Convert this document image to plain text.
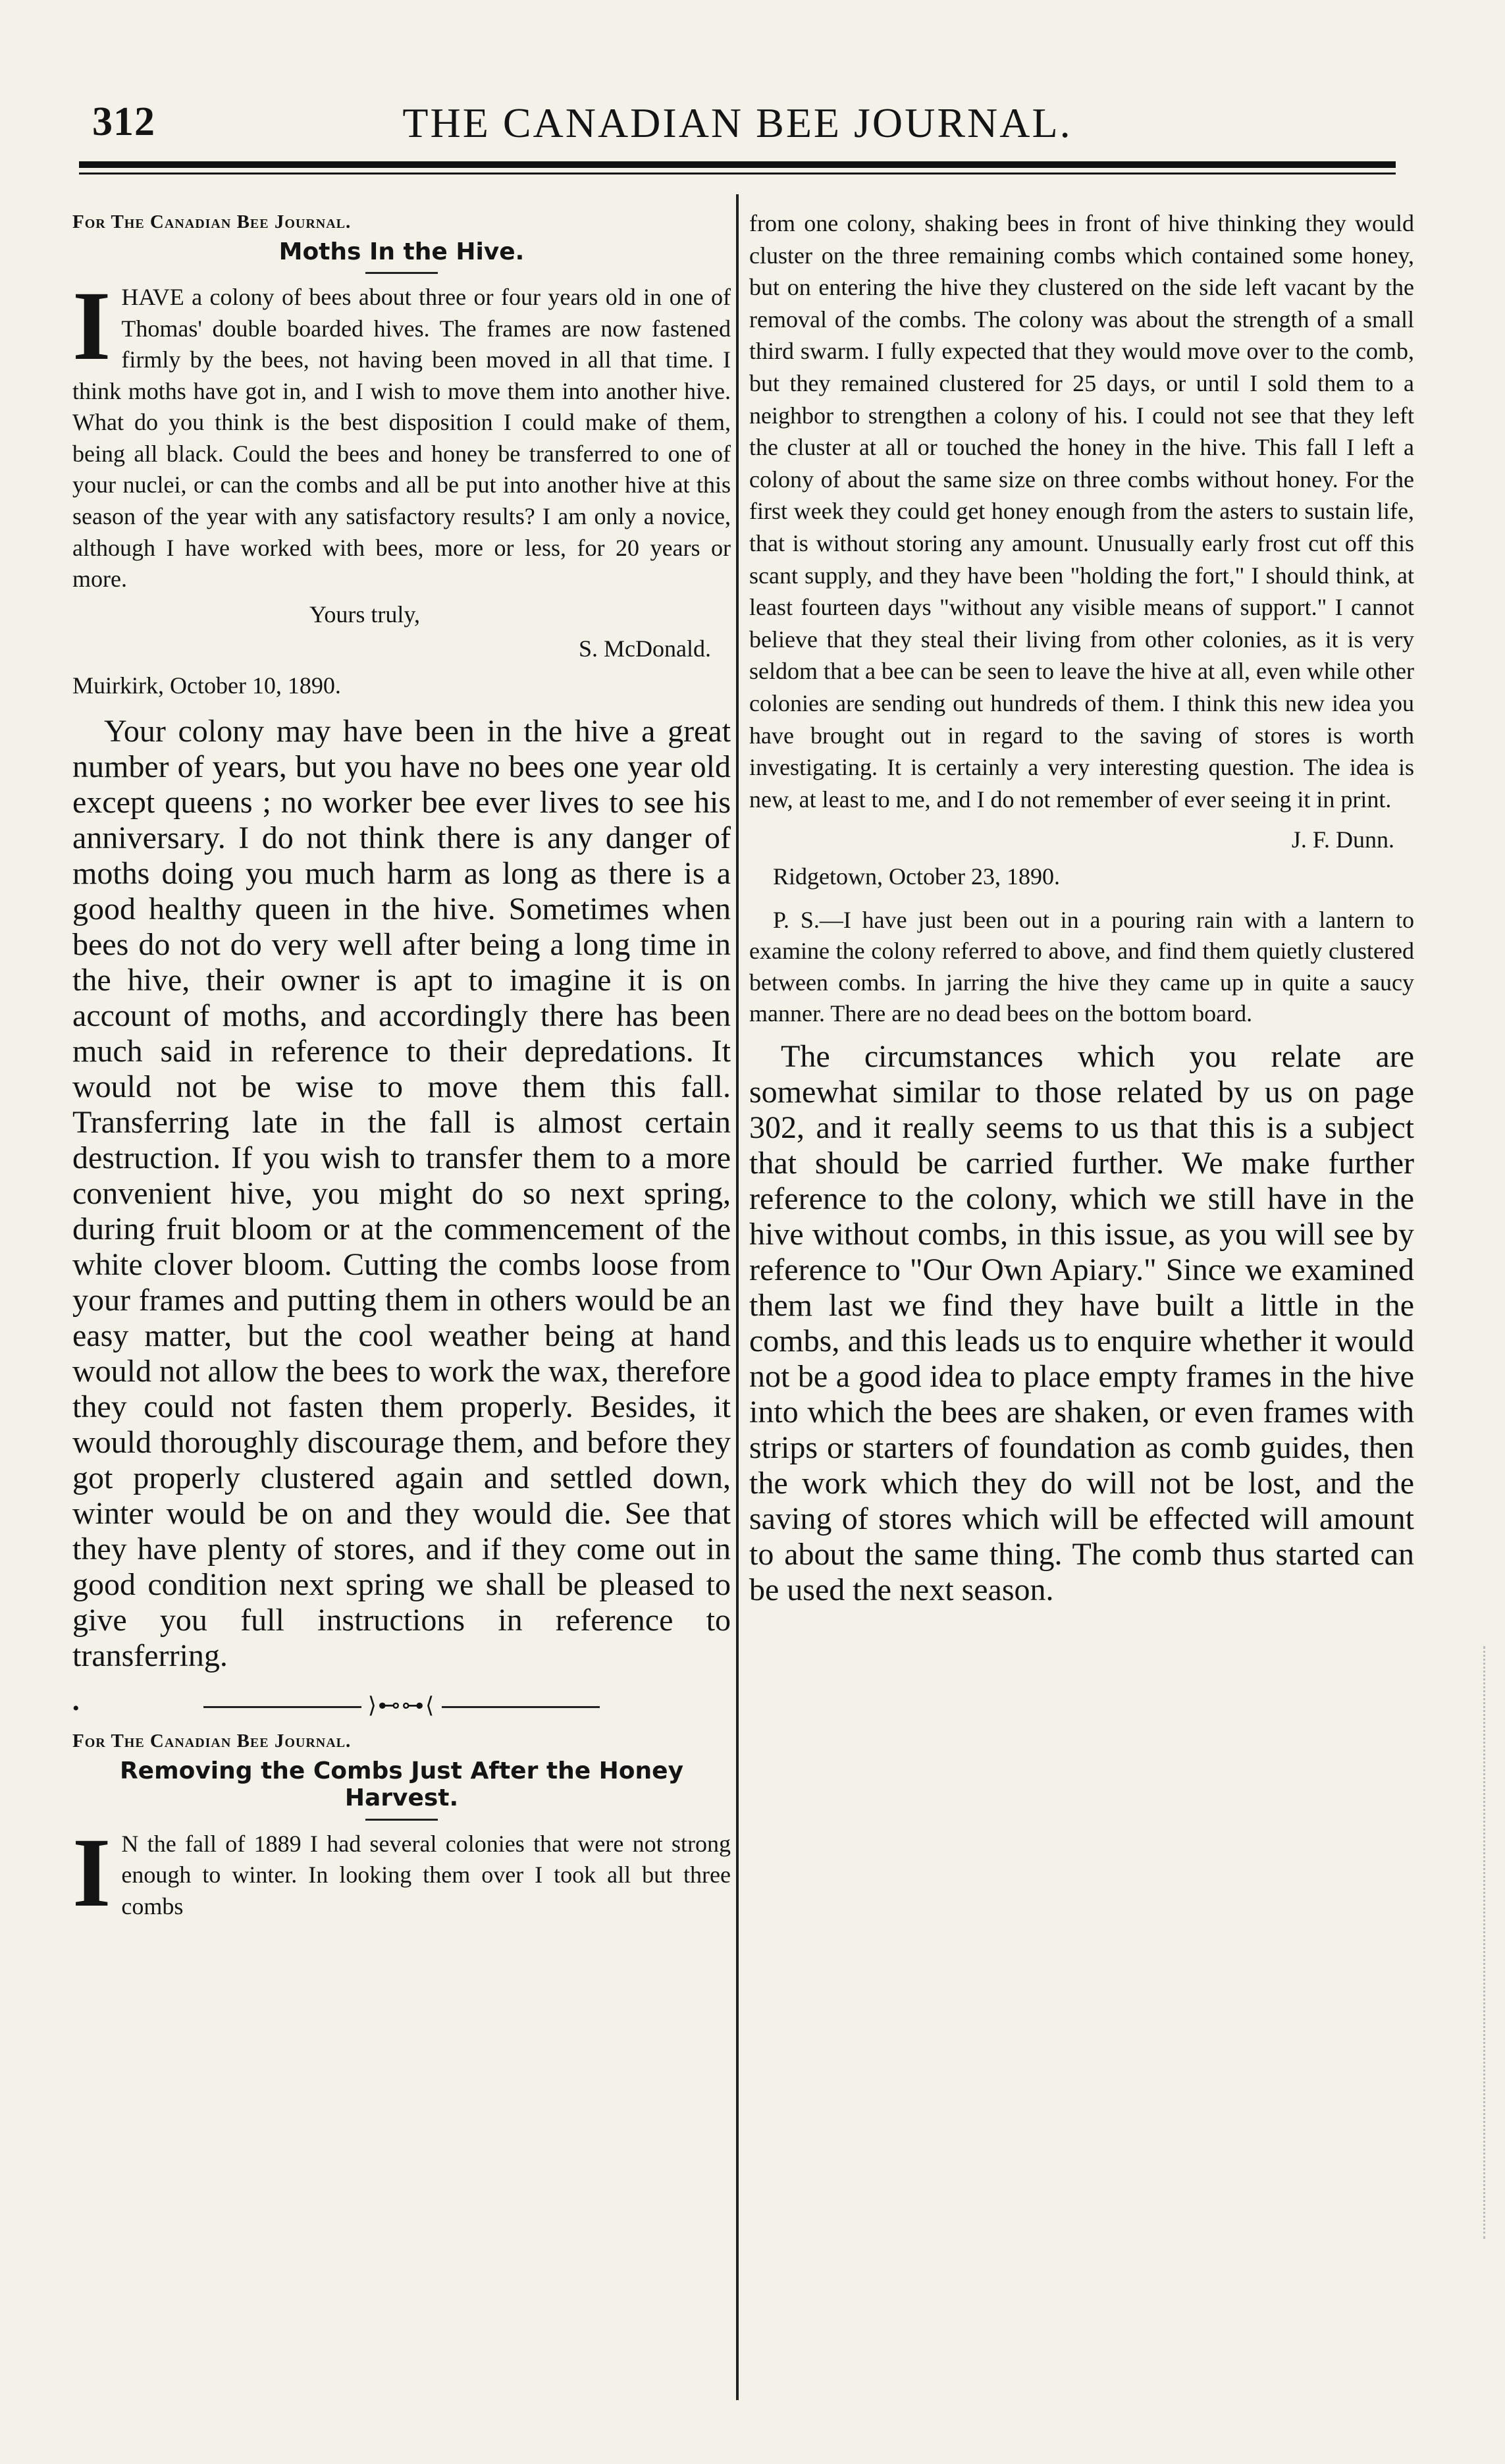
312	THE CANADIAN BEE JOURNAL.
For The Canadian Bee Journal.
Moths In the Hive.

IHAVE a colony of bees about three or four years old in one of Thomas' double boarded hives. The frames are now fastened firmly by the bees, not having been moved in all that time. I think moths have got in, and I wish to move them into another hive. What do you think is the best disposition I could make of them, being all black. Could the bees and honey be transferred to one of your nuclei, or can the combs and all be put into another hive at this season of the year with any satisfactory results? I am only a novice, although I have worked with bees, more or less, for 20 years or more.

Yours truly,
S. McDonald.
Muirkirk, October 10, 1890.

Your colony may have been in the hive a great number of years, but you have no bees one year old except queens ; no worker bee ever lives to see his anniversary. I do not think there is any danger of moths doing you much harm as long as there is a good healthy queen in the hive. Sometimes when bees do not do very well after being a long time in the hive, their owner is apt to imagine it is on account of moths, and accordingly there has been much said in reference to their depredations. It would not be wise to move them this fall. Transferring late in the fall is almost certain destruction. If you wish to transfer them to a more convenient hive, you might do so next spring, during fruit bloom or at the commencement of the white clover bloom. Cutting the combs loose from your frames and putting them in others would be an easy matter, but the cool weather being at hand would not allow the bees to work the wax, therefore they could not fasten them properly. Besides, it would thoroughly discourage them, and before they got properly clustered again and settled down, winter would be on and they would die. See that they have plenty of stores, and if they come out in good condition next spring we shall be pleased to give you full instructions in reference to transferring.

•	⟩⊷⊶⟨
For The Canadian Bee Journal.
Removing the Combs Just After the Honey Harvest.

I N the fall of 1889 I had several colonies that were not strong enough to winter. In looking them over I took all but three combs

from one colony, shaking bees in front of hive thinking they would cluster on the three remaining combs which contained some honey, but on entering the hive they clustered on the side left vacant by the removal of the combs. The colony was about the strength of a small third swarm. I fully expected that they would move over to the comb, but they remained clustered for 25 days, or until I sold them to a neighbor to strengthen a colony of his. I could not see that they left the cluster at all or touched the honey in the hive. This fall I left a colony of about the same size on three combs without honey. For the first week they could get honey enough from the asters to sustain life, that is without storing any amount. Unusually early frost cut off this scant supply, and they have been "holding the fort," I should think, at least fourteen days "without any visible means of support." I cannot believe that they steal their living from other colonies, as it is very seldom that a bee can be seen to leave the hive at all, even while other colonies are sending out hundreds of them. I think this new idea you have brought out in regard to the saving of stores is worth investigating. It is certainly a very interesting question. The idea is new, at least to me, and I do not remember of ever seeing it in print.

J. F. Dunn.
Ridgetown, October 23, 1890.

P. S.—I have just been out in a pouring rain with a lantern to examine the colony referred to above, and find them quietly clustered between combs. In jarring the hive they came up in quite a saucy manner. There are no dead bees on the bottom board.

The circumstances which you relate are somewhat similar to those related by us on page 302, and it really seems to us that this is a subject that should be carried further. We make further reference to the colony, which we still have in the hive without combs, in this issue, as you will see by reference to "Our Own Apiary." Since we examined them last we find they have built a little in the combs, and this leads us to enquire whether it would not be a good idea to place empty frames in the hive into which the bees are shaken, or even frames with strips or starters of foundation as comb guides, then the work which they do will not be lost, and the saving of stores which will be effected will amount to about the same thing. The comb thus started can be used the next season.
